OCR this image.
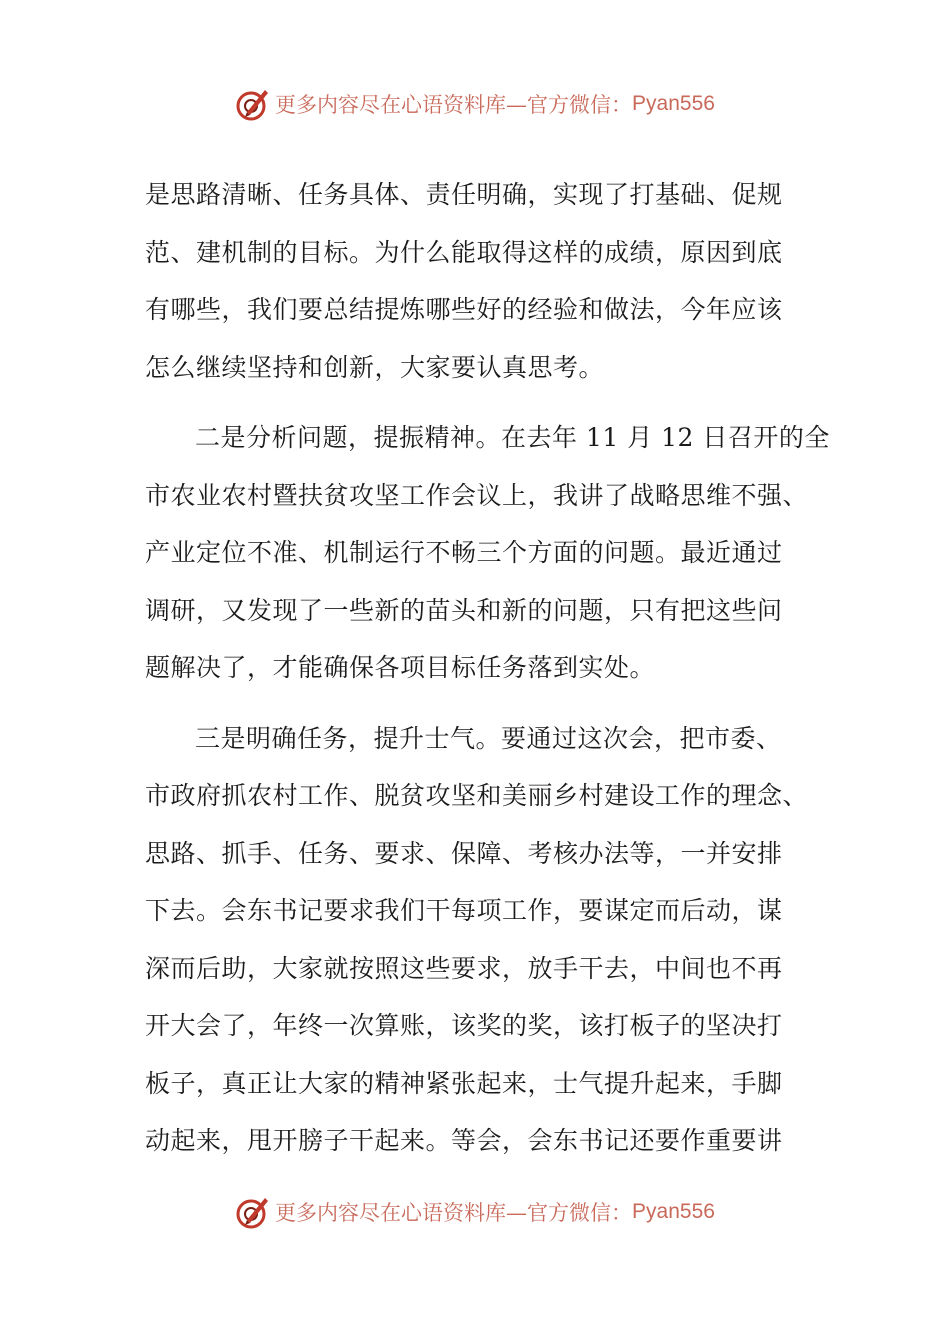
更多内容尽在心语资料库—官方微信： Pyan556
是思路清晰、任务具体、责任明确，实现了打基础、促规
范、建机制的目标。为什么能取得这样的成绩，原因到底
有哪些，我们要总结提炼哪些好的经验和做法，今年应该
怎么继续坚持和创新，大家要认真思考。
二是分析问题，提振精神。在去年 11 月 12 日召开的全
市农业农村暨扶贫攻坚工作会议上，我讲了战略思维不强、
产业定位不准、机制运行不畅三个方面的问题。最近通过
调研，又发现了一些新的苗头和新的问题，只有把这些问
题解决了，才能确保各项目标任务落到实处。
三是明确任务，提升士气。要通过这次会，把市委、
市政府抓农村工作、脱贫攻坚和美丽乡村建设工作的理念、
思路、抓手、任务、要求、保障、考核办法等，一并安排
下去。会东书记要求我们干每项工作，要谋定而后动，谋
深而后助，大家就按照这些要求，放手干去，中间也不再
开大会了，年终一次算账，该奖的奖，该打板子的坚决打
板子，真正让大家的精神紧张起来，士气提升起来，手脚
动起来，甩开膀子干起来。等会，会东书记还要作重要讲
更多内容尽在心语资料库—官方微信： Pyan556
